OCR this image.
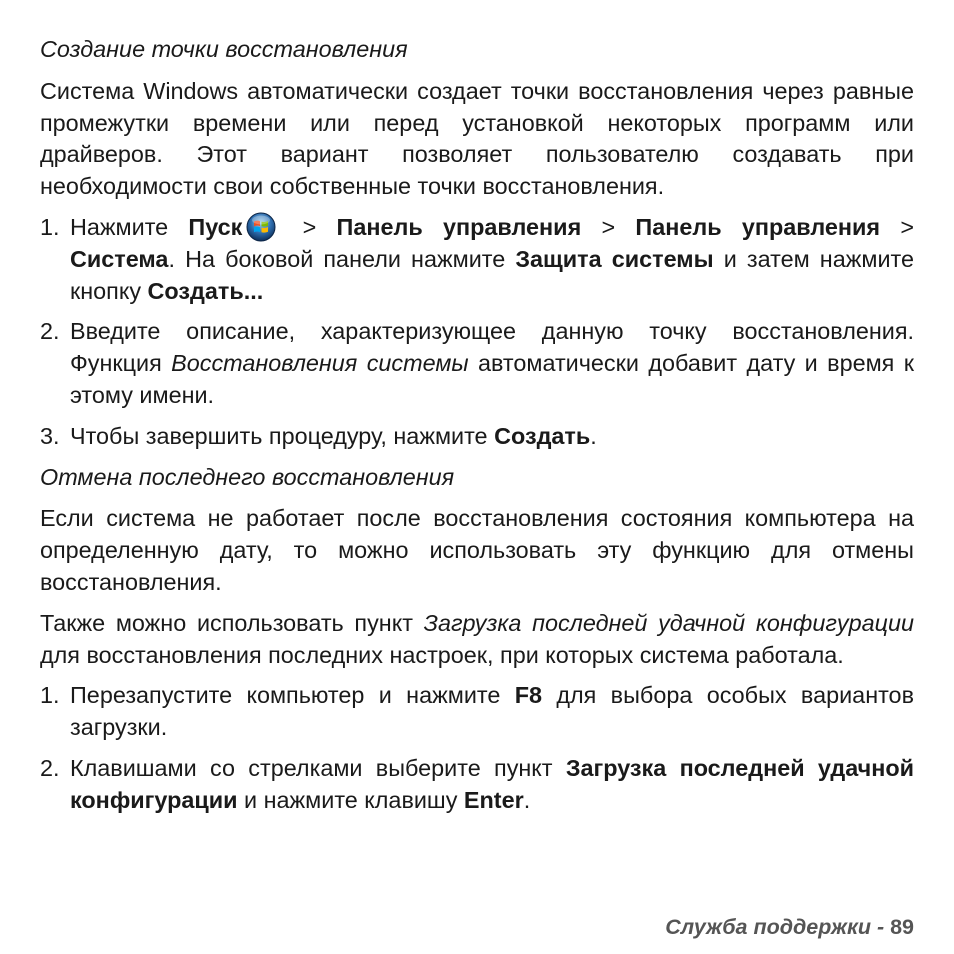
Создание точки восстановления

Система Windows автоматически создает точки восстановления через равные промежутки времени или перед установкой некоторых программ или драйверов. Этот вариант позволяет пользователю создавать при необходимости свои собственные точки восстановления.

1. Нажмите Пуск > Панель управления > Панель управления > Система. На боковой панели нажмите Защита системы и затем нажмите кнопку Создать...
2. Введите описание, характеризующее данную точку восстановления. Функция Восстановления системы автоматически добавит дату и время к этому имени.
3. Чтобы завершить процедуру, нажмите Создать.

Отмена последнего восстановления

Если система не работает после восстановления состояния компьютера на определенную дату, то можно использовать эту функцию для отмены восстановления.

Также можно использовать пункт Загрузка последней удачной конфигурации для восстановления последних настроек, при которых система работала.

1. Перезапустите компьютер и нажмите F8 для выбора особых вариантов загрузки.
2. Клавишами со стрелками выберите пункт Загрузка последней удачной конфигурации и нажмите клавишу Enter.
Служба поддержки - 89
